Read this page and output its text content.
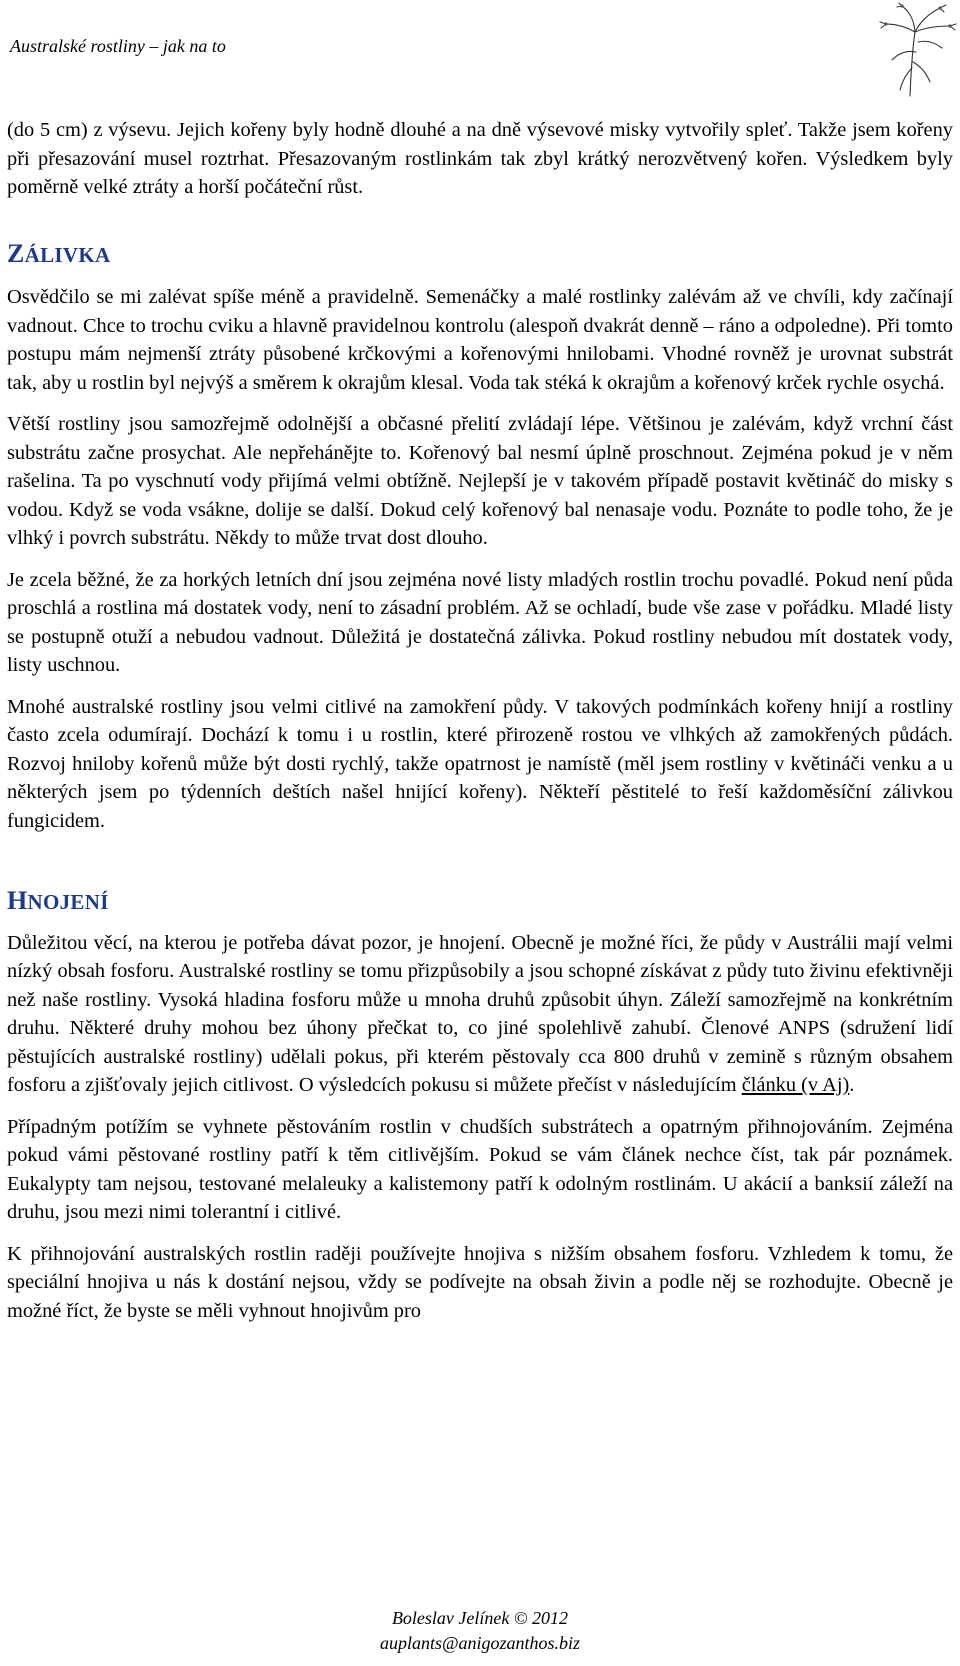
Australské rostliny – jak na to

(do 5 cm) z výsevu. Jejich kořeny byly hodně dlouhé a na dně výsevové misky vytvořily spleť. Takže jsem kořeny při přesazování musel roztrhat. Přesazovaným rostlinkám tak zbyl krátký nerozvětvený kořen. Výsledkem byly poměrně velké ztráty a horší počáteční růst.

ZÁLIVKA

Osvědčilo se mi zalévat spíše méně a pravidelně. Semenáčky a malé rostlinky zalévám až ve chvíli, kdy začínají vadnout. Chce to trochu cviku a hlavně pravidelnou kontrolu (alespoň dvakrát denně – ráno a odpoledne). Při tomto postupu mám nejmenší ztráty působené krčkovými a kořenovými hnilobami. Vhodné rovněž je urovnat substrát tak, aby u rostlin byl nejvýš a směrem k okrajům klesal. Voda tak stéká k okrajům a kořenový krček rychle osychá.

Větší rostliny jsou samozřejmě odolnější a občasné přelití zvládají lépe. Většinou je zalévám, když vrchní část substrátu začne prosychat. Ale nepřeháněјte to. Kořenový bal nesmí úplně proschnout. Zejména pokud je v něm rašelina. Ta po vyschnutí vody přijímá velmi obtížně. Nejlepší je v takovém případě postavit květináč do misky s vodou. Když se voda vsákne, dolije se další. Dokud celý kořenový bal nenasaje vodu. Poznáte to podle toho, že je vlhký i povrch substrátu. Někdy to může trvat dost dlouho.

Je zcela běžné, že za horkých letních dní jsou zejména nové listy mladých rostlin trochu povadlé. Pokud není půda proschlá a rostlina má dostatek vody, není to zásadní problém. Až se ochladí, bude vše zase v pořádku. Mladé listy se postupně otuží a nebudou vadnout. Důležitá je dostatečná zálivka. Pokud rostliny nebudou mít dostatek vody, listy uschnou.

Mnohé australské rostliny jsou velmi citlivé na zamokření půdy. V takových podmínkách kořeny hnijí a rostliny často zcela odumírají. Dochází k tomu i u rostlin, které přirozeně rostou ve vlhkých až zamokřených půdách. Rozvoj hniloby kořenů může být dosti rychlý, takže opatrnost je namístě (měl jsem rostliny v květináči venku a u některých jsem po týdenních deštích našel hnijící kořeny). Někteří pěstitelé to řeší každoměsíční zálivkou fungicidem.

HNOJENÍ

Důležitou věcí, na kterou je potřeba dávat pozor, je hnojení. Obecně je možné říci, že půdy v Austrálii mají velmi nízký obsah fosforu. Australské rostliny se tomu přizpůsobily a jsou schopné získávat z půdy tuto živinu efektivněji než naše rostliny. Vysoká hladina fosforu může u mnoha druhů způsobit úhyn. Záleží samozřejmě na konkrétním druhu. Některé druhy mohou bez úhony přečkat to, co jiné spolehlivě zahubí. Členové ANPS (sdružení lidí pěstujících australské rostliny) udělali pokus, při kterém pěstovaly cca 800 druhů v zemině s různým obsahem fosforu a zjišťovaly jejich citlivost. O výsledcích pokusu si můžete přečíst v následujícím článku (v Aj).

Případným potížím se vyhnete pěstováním rostlin v chudších substrátech a opatrným přihnojováním. Zejména pokud vámi pěstované rostliny patří k těm citlivějším. Pokud se vám článek nechce číst, tak pár poznámek. Eukalypty tam nejsou, testované melaleuky a kalistemony patří k odolným rostlinám. U akácií a banksií záleží na druhu, jsou mezi nimi tolerantní i citlivé.

K přihnojování australských rostlin raději používejte hnojiva s nižším obsahem fosforu. Vzhledem k tomu, že speciální hnojiva u nás k dostání nejsou, vždy se podívejte na obsah živin a podle něj se rozhodujte. Obecně je možné říct, že byste se měli vyhnout hnojivům pro

Boleslav Jelínek © 2012
auplants@anigozanthos.biz
